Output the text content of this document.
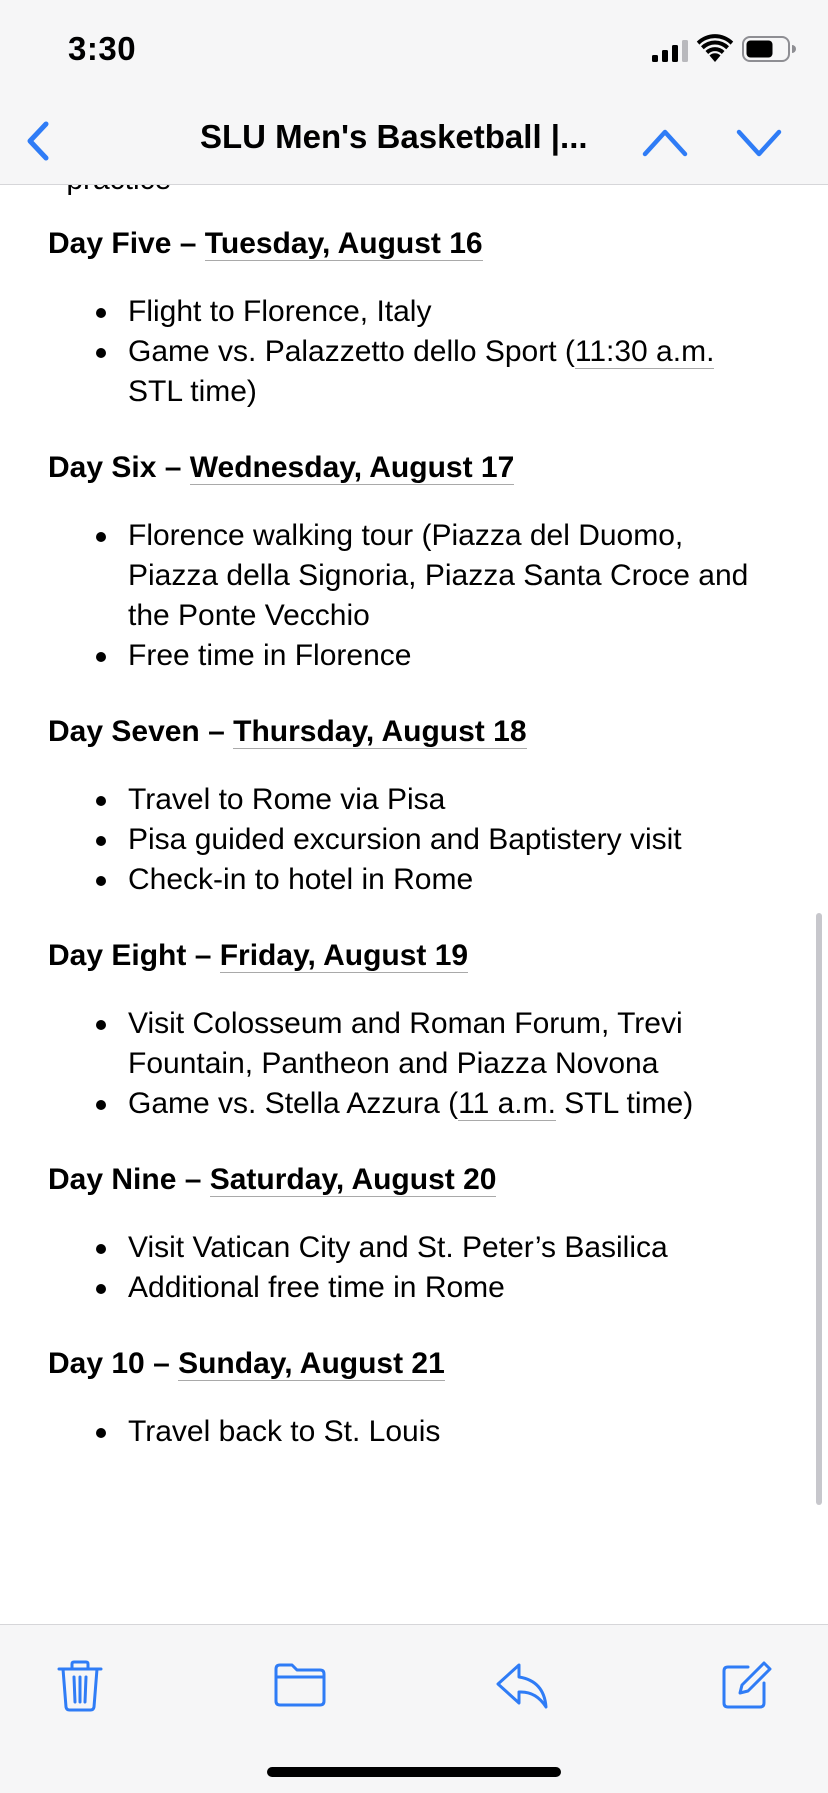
3:30
SLU Men's Basketball |...
Day Five – Tuesday, August 16
Flight to Florence, Italy
Game vs. Palazzetto dello Sport (11:30 a.m. STL time)
Day Six – Wednesday, August 17
Florence walking tour (Piazza del Duomo, Piazza della Signoria, Piazza Santa Croce and the Ponte Vecchio
Free time in Florence
Day Seven – Thursday, August 18
Travel to Rome via Pisa
Pisa guided excursion and Baptistery visit
Check-in to hotel in Rome
Day Eight – Friday, August 19
Visit Colosseum and Roman Forum, Trevi Fountain, Pantheon and Piazza Novona
Game vs. Stella Azzura (11 a.m. STL time)
Day Nine – Saturday, August 20
Visit Vatican City and St. Peter’s Basilica
Additional free time in Rome
Day 10 – Sunday, August 21
Travel back to St. Louis
